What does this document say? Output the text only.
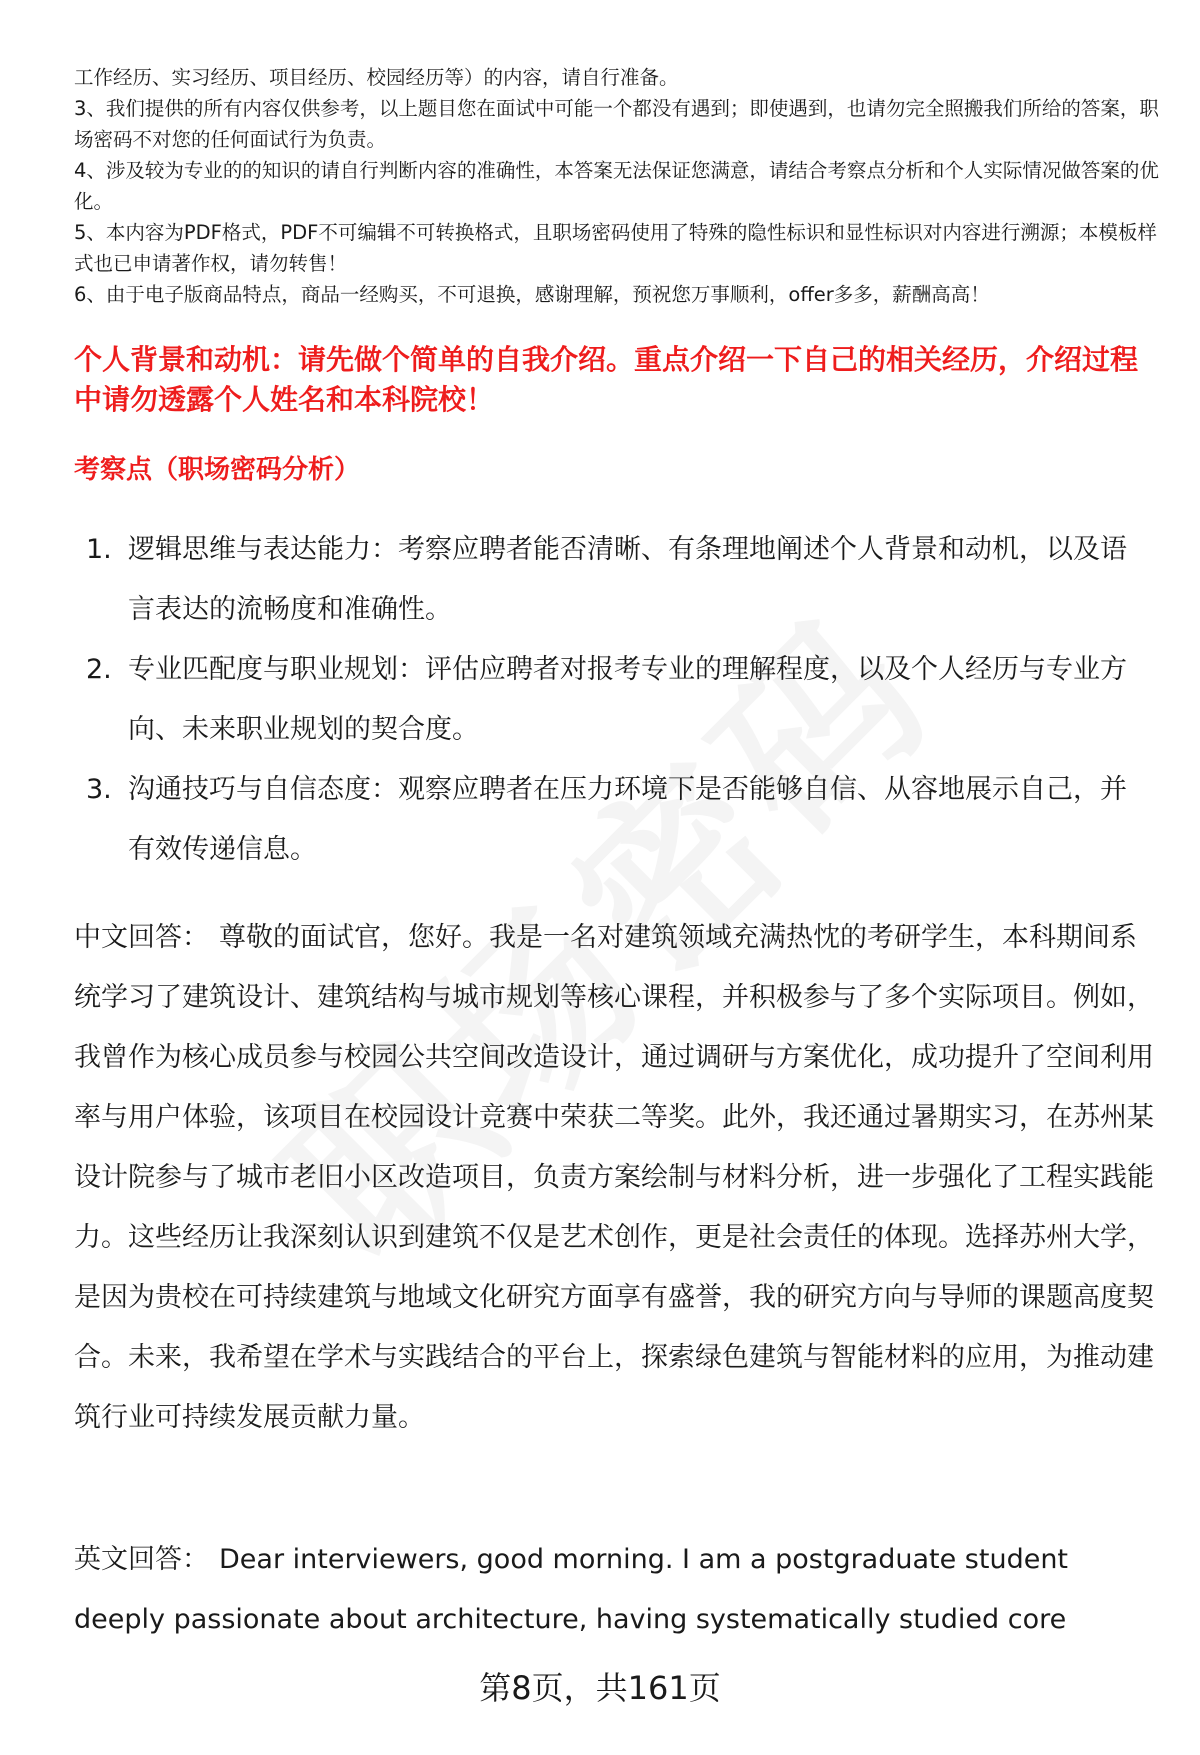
工作经历、实习经历、项目经历、校园经历等）的内容，请自行准备。

3、我们提供的所有内容仅供参考，以上题目您在面试中可能一个都没有遇到；即使遇到，也请勿完全照搬我们所给的答案，职场密码不对您的任何面试行为负责。

4、涉及较为专业的的知识的请自行判断内容的准确性，本答案无法保证您满意，请结合考察点分析和个人实际情况做答案的优化。

5、本内容为PDF格式，PDF不可编辑不可转换格式，且职场密码使用了特殊的隐性标识和显性标识对内容进行溯源；本模板样式也已申请著作权，请勿转售！

6、由于电子版商品特点，商品一经购买，不可退换，感谢理解，预祝您万事顺利，offer多多，薪酬高高！

个人背景和动机：请先做个简单的自我介绍。重点介绍一下自己的相关经历，介绍过程中请勿透露个人姓名和本科院校！
考察点（职场密码分析）
1. 逻辑思维与表达能力：考察应聘者能否清晰、有条理地阐述个人背景和动机，以及语言表达的流畅度和准确性。
2. 专业匹配度与职业规划：评估应聘者对报考专业的理解程度，以及个人经历与专业方向、未来职业规划的契合度。
3. 沟通技巧与自信态度：观察应聘者在压力环境下是否能够自信、从容地展示自己，并有效传递信息。

中文回答： 尊敬的面试官，您好。我是一名对建筑领域充满热忱的考研学生，本科期间系统学习了建筑设计、建筑结构与城市规划等核心课程，并积极参与了多个实际项目。例如，我曾作为核心成员参与校园公共空间改造设计，通过调研与方案优化，成功提升了空间利用率与用户体验，该项目在校园设计竞赛中荣获二等奖。此外，我还通过暑期实习，在苏州某设计院参与了城市老旧小区改造项目，负责方案绘制与材料分析，进一步强化了工程实践能力。这些经历让我深刻认识到建筑不仅是艺术创作，更是社会责任的体现。选择苏州大学，是因为贵校在可持续建筑与地域文化研究方面享有盛誉，我的研究方向与导师的课题高度契合。未来，我希望在学术与实践结合的平台上，探索绿色建筑与智能材料的应用，为推动建筑行业可持续发展贡献力量。

英文回答： Dear interviewers, good morning. I am a postgraduate student deeply passionate about architecture, having systematically studied core

第8页，共161页
